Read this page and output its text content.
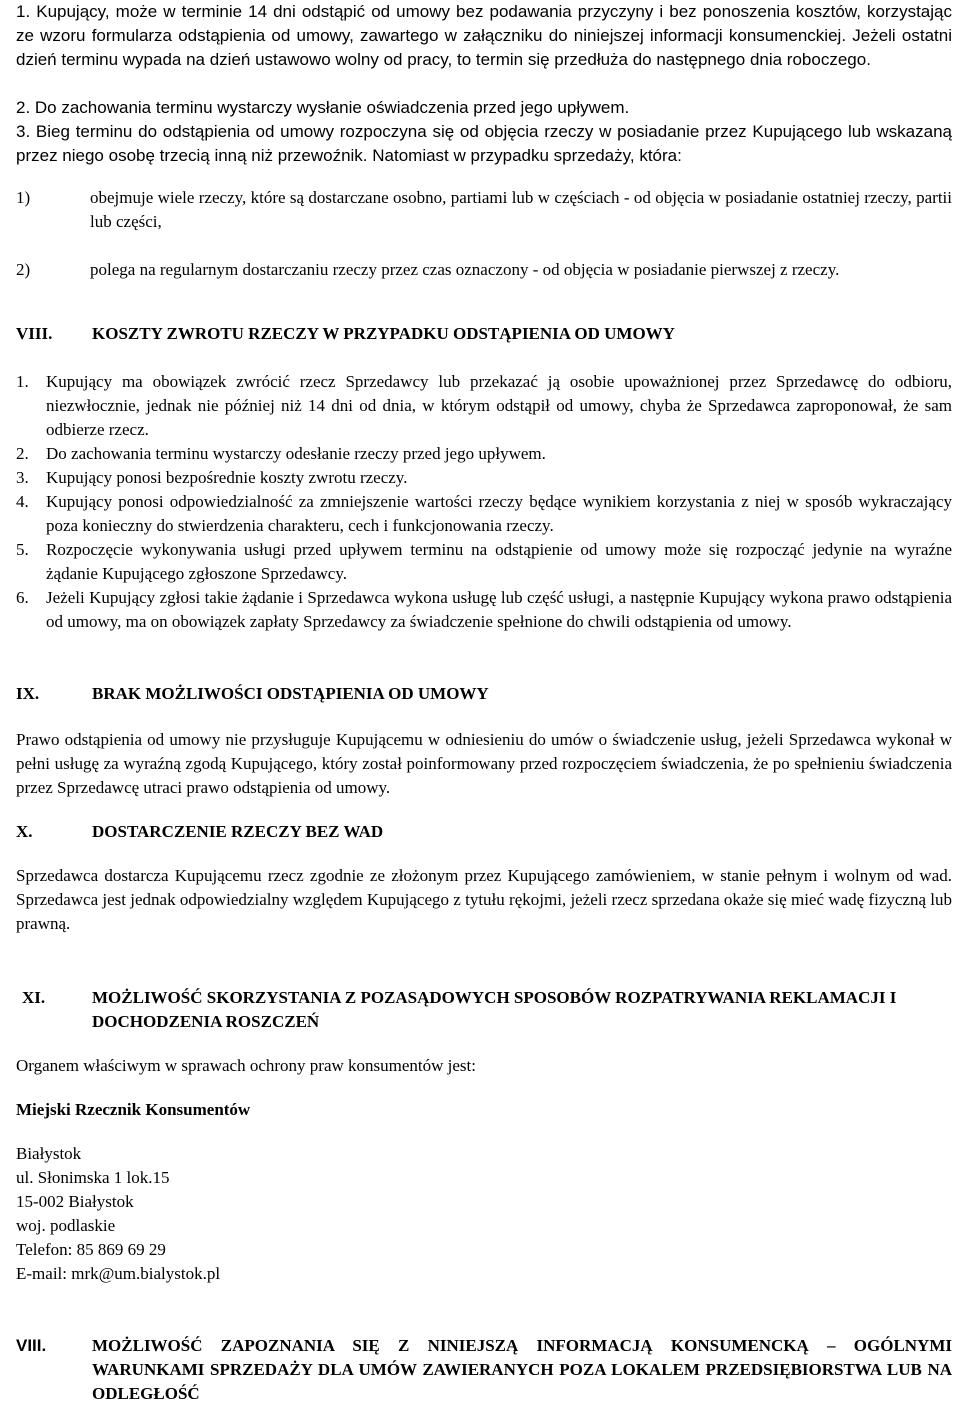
1. Kupujący, może w terminie 14 dni odstąpić od umowy bez podawania przyczyny i bez ponoszenia kosztów, korzystając ze wzoru formularza odstąpienia od umowy, zawartego w załączniku do niniejszej informacji konsumenckiej. Jeżeli ostatni dzień terminu wypada na dzień ustawowo wolny od pracy, to termin się przedłuża do następnego dnia roboczego.
2. Do zachowania terminu wystarczy wysłanie oświadczenia przed jego upływem.
3. Bieg terminu do odstąpienia od umowy rozpoczyna się od objęcia rzeczy w posiadanie przez Kupującego lub wskazaną przez niego osobę trzecią inną niż przewoźnik. Natomiast w przypadku sprzedaży, która:
1)	obejmuje wiele rzeczy, które są dostarczane osobno, partiami lub w częściach - od objęcia w posiadanie ostatniej rzeczy, partii lub części,
2)	polega na regularnym dostarczaniu rzeczy przez czas oznaczony - od objęcia w posiadanie pierwszej z rzeczy.
VIII. KOSZTY ZWROTU RZECZY W PRZYPADKU ODSTĄPIENIA OD UMOWY
1. Kupujący ma obowiązek zwrócić rzecz Sprzedawcy lub przekazać ją osobie upoważnionej przez Sprzedawcę do odbioru, niezwłocznie, jednak nie później niż 14 dni od dnia, w którym odstąpił od umowy, chyba że Sprzedawca zaproponował, że sam odbierze rzecz.
2. Do zachowania terminu wystarczy odesłanie rzeczy przed jego upływem.
3. Kupujący ponosi bezpośrednie koszty zwrotu rzeczy.
4. Kupujący ponosi odpowiedzialność za zmniejszenie wartości rzeczy będące wynikiem korzystania z niej w sposób wykraczający poza konieczny do stwierdzenia charakteru, cech i funkcjonowania rzeczy.
5. Rozpoczęcie wykonywania usługi przed upływem terminu na odstąpienie od umowy może się rozpocząć jedynie na wyraźne żądanie Kupującego zgłoszone Sprzedawcy.
6. Jeżeli Kupujący zgłosi takie żądanie i Sprzedawca wykona usługę lub część usługi, a następnie Kupujący wykona prawo odstąpienia od umowy, ma on obowiązek zapłaty Sprzedawcy za świadczenie spełnione do chwili odstąpienia od umowy.
IX.	BRAK MOŻLIWOŚCI ODSTĄPIENIA OD UMOWY
Prawo odstąpienia od umowy nie przysługuje Kupującemu w odniesieniu do umów o świadczenie usług, jeżeli Sprzedawca wykonał w pełni usługę za wyraźną zgodą Kupującego, który został poinformowany przed rozpoczęciem świadczenia, że po spełnieniu świadczenia przez Sprzedawcę utraci prawo odstąpienia od umowy.
X.	DOSTARCZENIE RZECZY BEZ WAD
Sprzedawca dostarcza Kupującemu rzecz zgodnie ze złożonym przez Kupującego zamówieniem, w stanie pełnym i wolnym od wad. Sprzedawca jest jednak odpowiedzialny względem Kupującego z tytułu rękojmi, jeżeli rzecz sprzedana okaże się mieć wadę fizyczną lub prawną.
XI.	MOŻLIWOŚĆ SKORZYSTANIA Z POZASĄDOWYCH SPOSOBÓW ROZPATRYWANIA REKLAMACJI I DOCHODZENIA ROSZCZEŃ
Organem właściwym w sprawach ochrony praw konsumentów jest:
Miejski Rzecznik Konsumentów
Białystok
ul. Słonimska 1 lok.15
15-002 Białystok
woj. podlaskie
Telefon: 85 869 69 29
E-mail: mrk@um.bialystok.pl
VIII.	MOŻLIWOŚĆ ZAPOZNANIA SIĘ Z NINIEJSZĄ INFORMACJĄ KONSUMENCKĄ – OGÓLNYMI WARUNKAMI SPRZEDAŻY DLA UMÓW ZAWIERANYCH POZA LOKALEM PRZEDSIĘBIORSTWA LUB NA ODLEGŁOŚĆ
